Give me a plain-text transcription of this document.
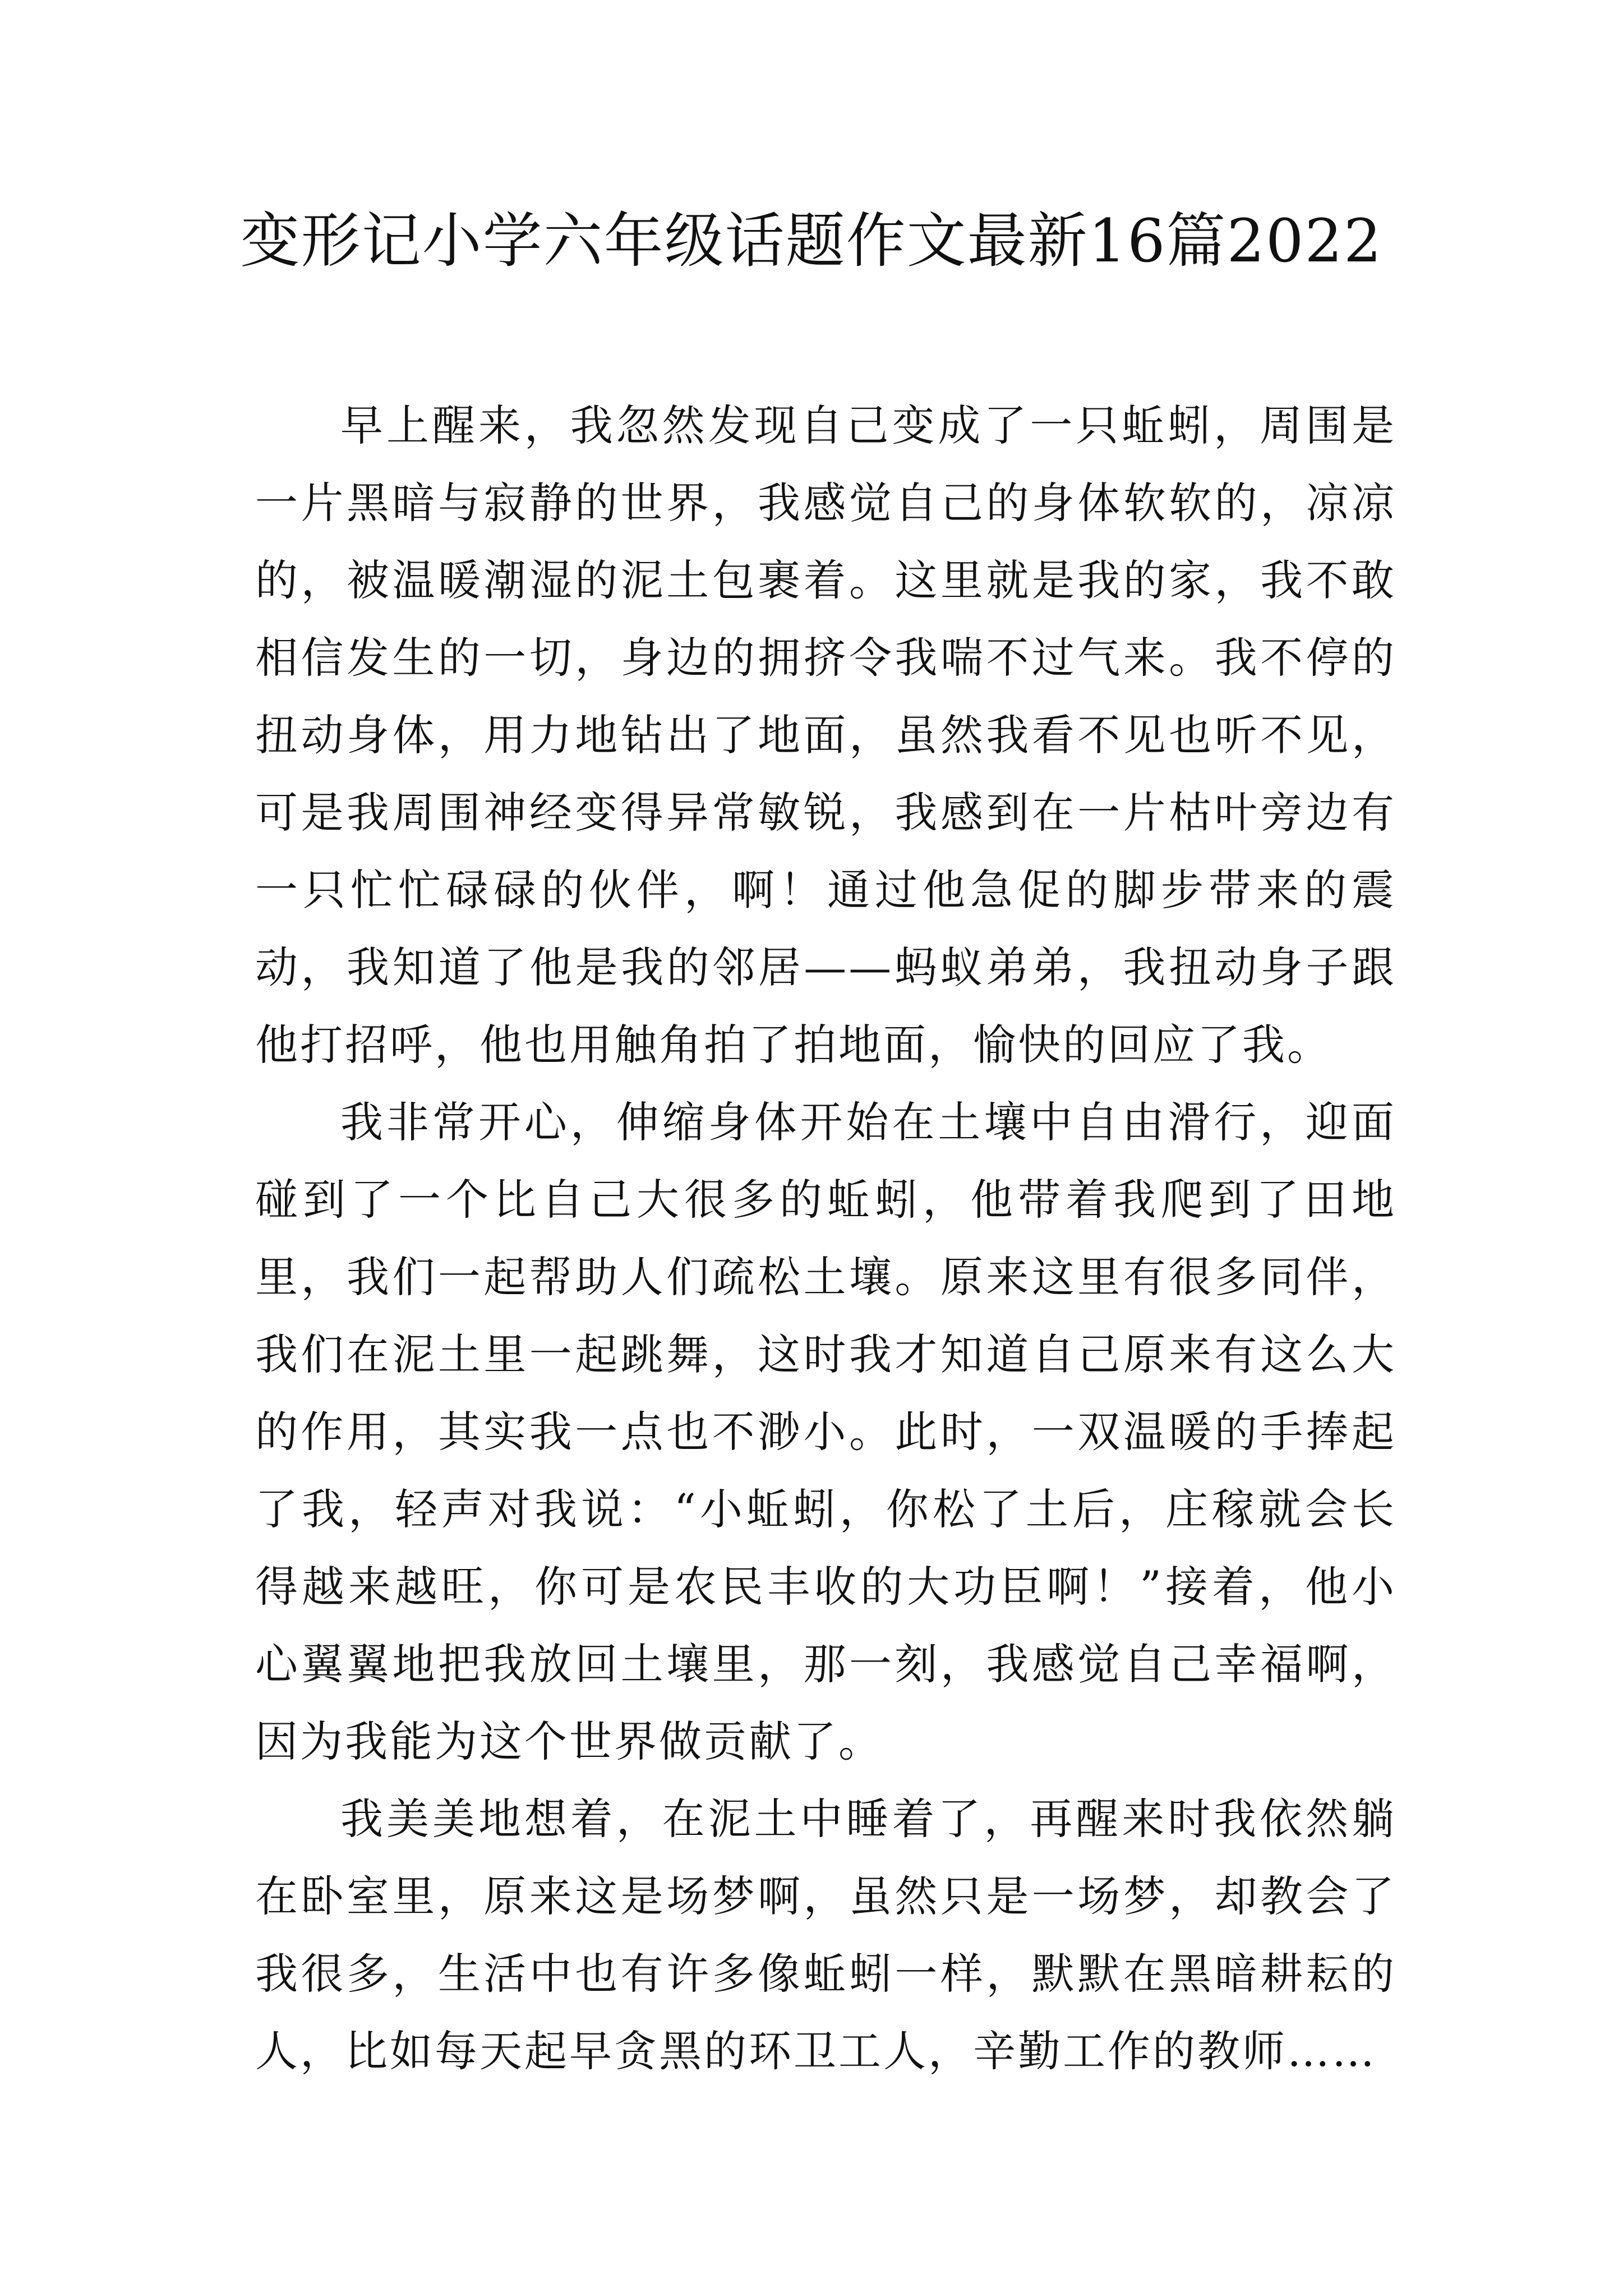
变形记小学六年级话题作文最新16篇2022

早上醒来，我忽然发现自己变成了一只蚯蚓，周围是一片黑暗与寂静的世界，我感觉自己的身体软软的，凉凉的，被温暖潮湿的泥土包裹着。这里就是我的家，我不敢相信发生的一切，身边的拥挤令我喘不过气来。我不停的扭动身体，用力地钻出了地面，虽然我看不见也听不见，可是我周围神经变得异常敏锐，我感到在一片枯叶旁边有一只忙忙碌碌的伙伴，啊！通过他急促的脚步带来的震动，我知道了他是我的邻居——蚂蚁弟弟，我扭动身子跟他打招呼，他也用触角拍了拍地面，愉快的回应了我。

我非常开心，伸缩身体开始在土壤中自由滑行，迎面碰到了一个比自己大很多的蚯蚓，他带着我爬到了田地里，我们一起帮助人们疏松土壤。原来这里有很多同伴，我们在泥土里一起跳舞，这时我才知道自己原来有这么大的作用，其实我一点也不渺小。此时，一双温暖的手捧起了我，轻声对我说：“小蚯蚓，你松了土后，庄稼就会长得越来越旺，你可是农民丰收的大功臣啊！”接着，他小心翼翼地把我放回土壤里，那一刻，我感觉自己幸福啊，因为我能为这个世界做贡献了。

我美美地想着，在泥土中睡着了，再醒来时我依然躺在卧室里，原来这是场梦啊，虽然只是一场梦，却教会了我很多，生活中也有许多像蚯蚓一样，默默在黑暗耕耘的人，比如每天起早贪黑的环卫工人，辛勤工作的教师……
